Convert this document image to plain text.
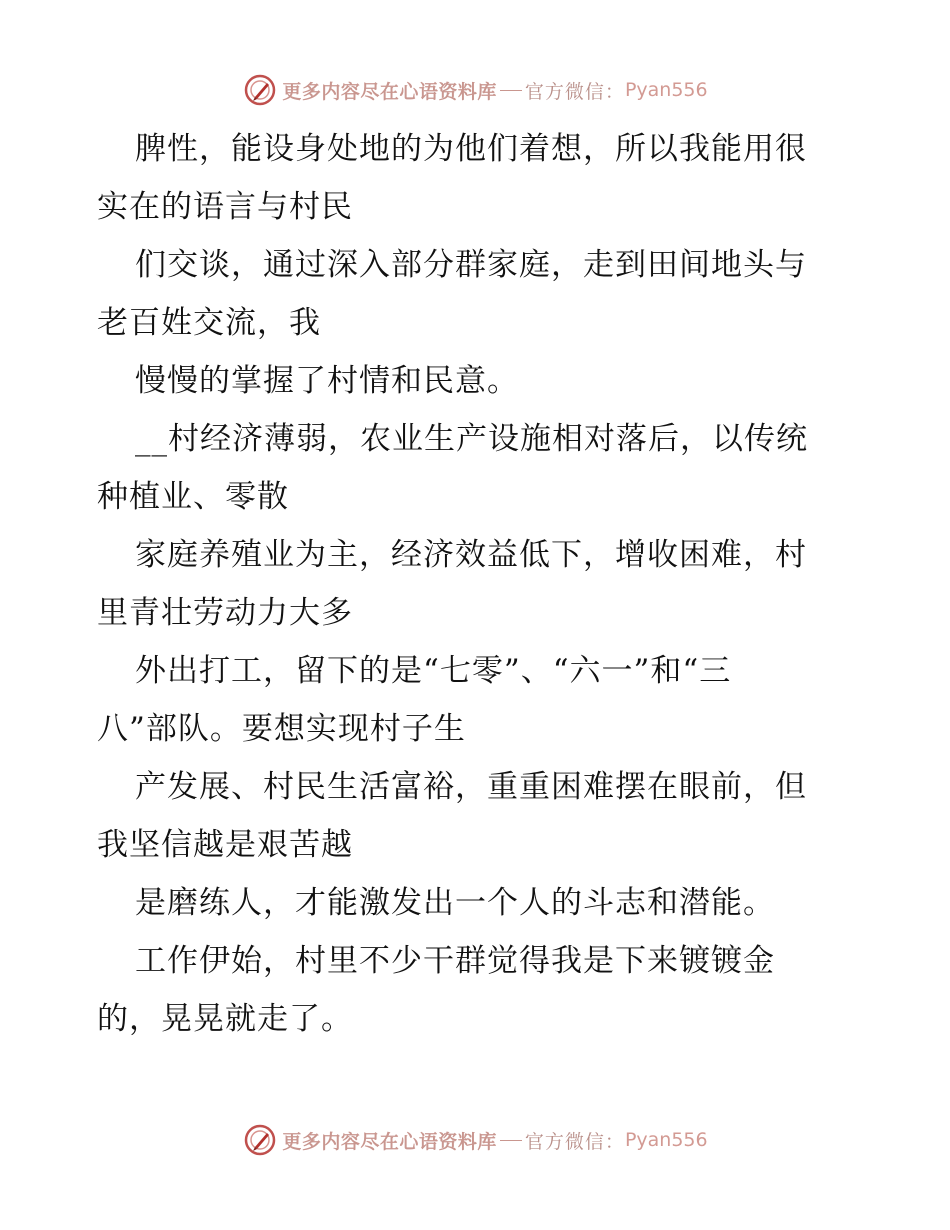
更多内容尽在心语资料库 官方微信： Pyan556
脾性，能设身处地的为他们着想，所以我能用很
实在的语言与村民
们交谈，通过深入部分群家庭，走到田间地头与
老百姓交流，我
慢慢的掌握了村情和民意。
__村经济薄弱，农业生产设施相对落后，以传统
种植业、零散
家庭养殖业为主，经济效益低下，增收困难，村
里青壮劳动力大多
外出打工，留下的是“七零”、“六一”和“三
八”部队。要想实现村子生
产发展、村民生活富裕，重重困难摆在眼前，但
我坚信越是艰苦越
是磨练人，才能激发出一个人的斗志和潜能。
工作伊始，村里不少干群觉得我是下来镀镀金
的，晃晃就走了。
更多内容尽在心语资料库 官方微信： Pyan556
